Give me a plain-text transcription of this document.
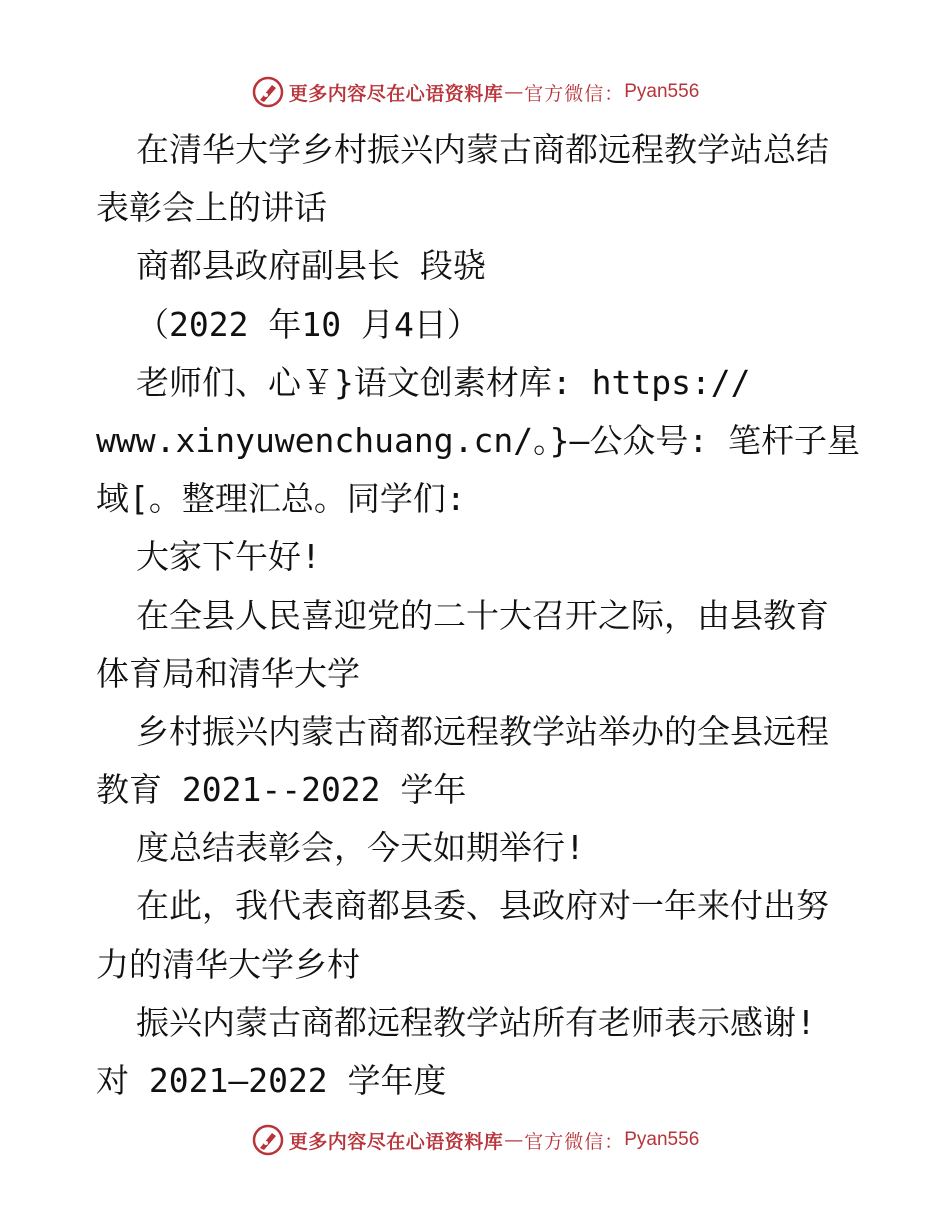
更多内容尽在心语资料库 — 官方微信： Pyan556
在清华大学乡村振兴内蒙古商都远程教学站总结
表彰会上的讲话
商都县政府副县长 段骁
（2022 年10 月4日）
老师们、心￥}语文创素材库: https://
www.xinyuwenchuang.cn/。}—公众号: 笔杆子星
域[。整理汇总。同学们:
大家下午好!
在全县人民喜迎党的二十大召开之际，由县教育
体育局和清华大学
乡村振兴内蒙古商都远程教学站举办的全县远程
教育 2021--2022 学年
度总结表彰会，今天如期举行!
在此，我代表商都县委、县政府对一年来付出努
力的清华大学乡村
振兴内蒙古商都远程教学站所有老师表示感谢!
对 2021—2022 学年度
更多内容尽在心语资料库 — 官方微信： Pyan556
